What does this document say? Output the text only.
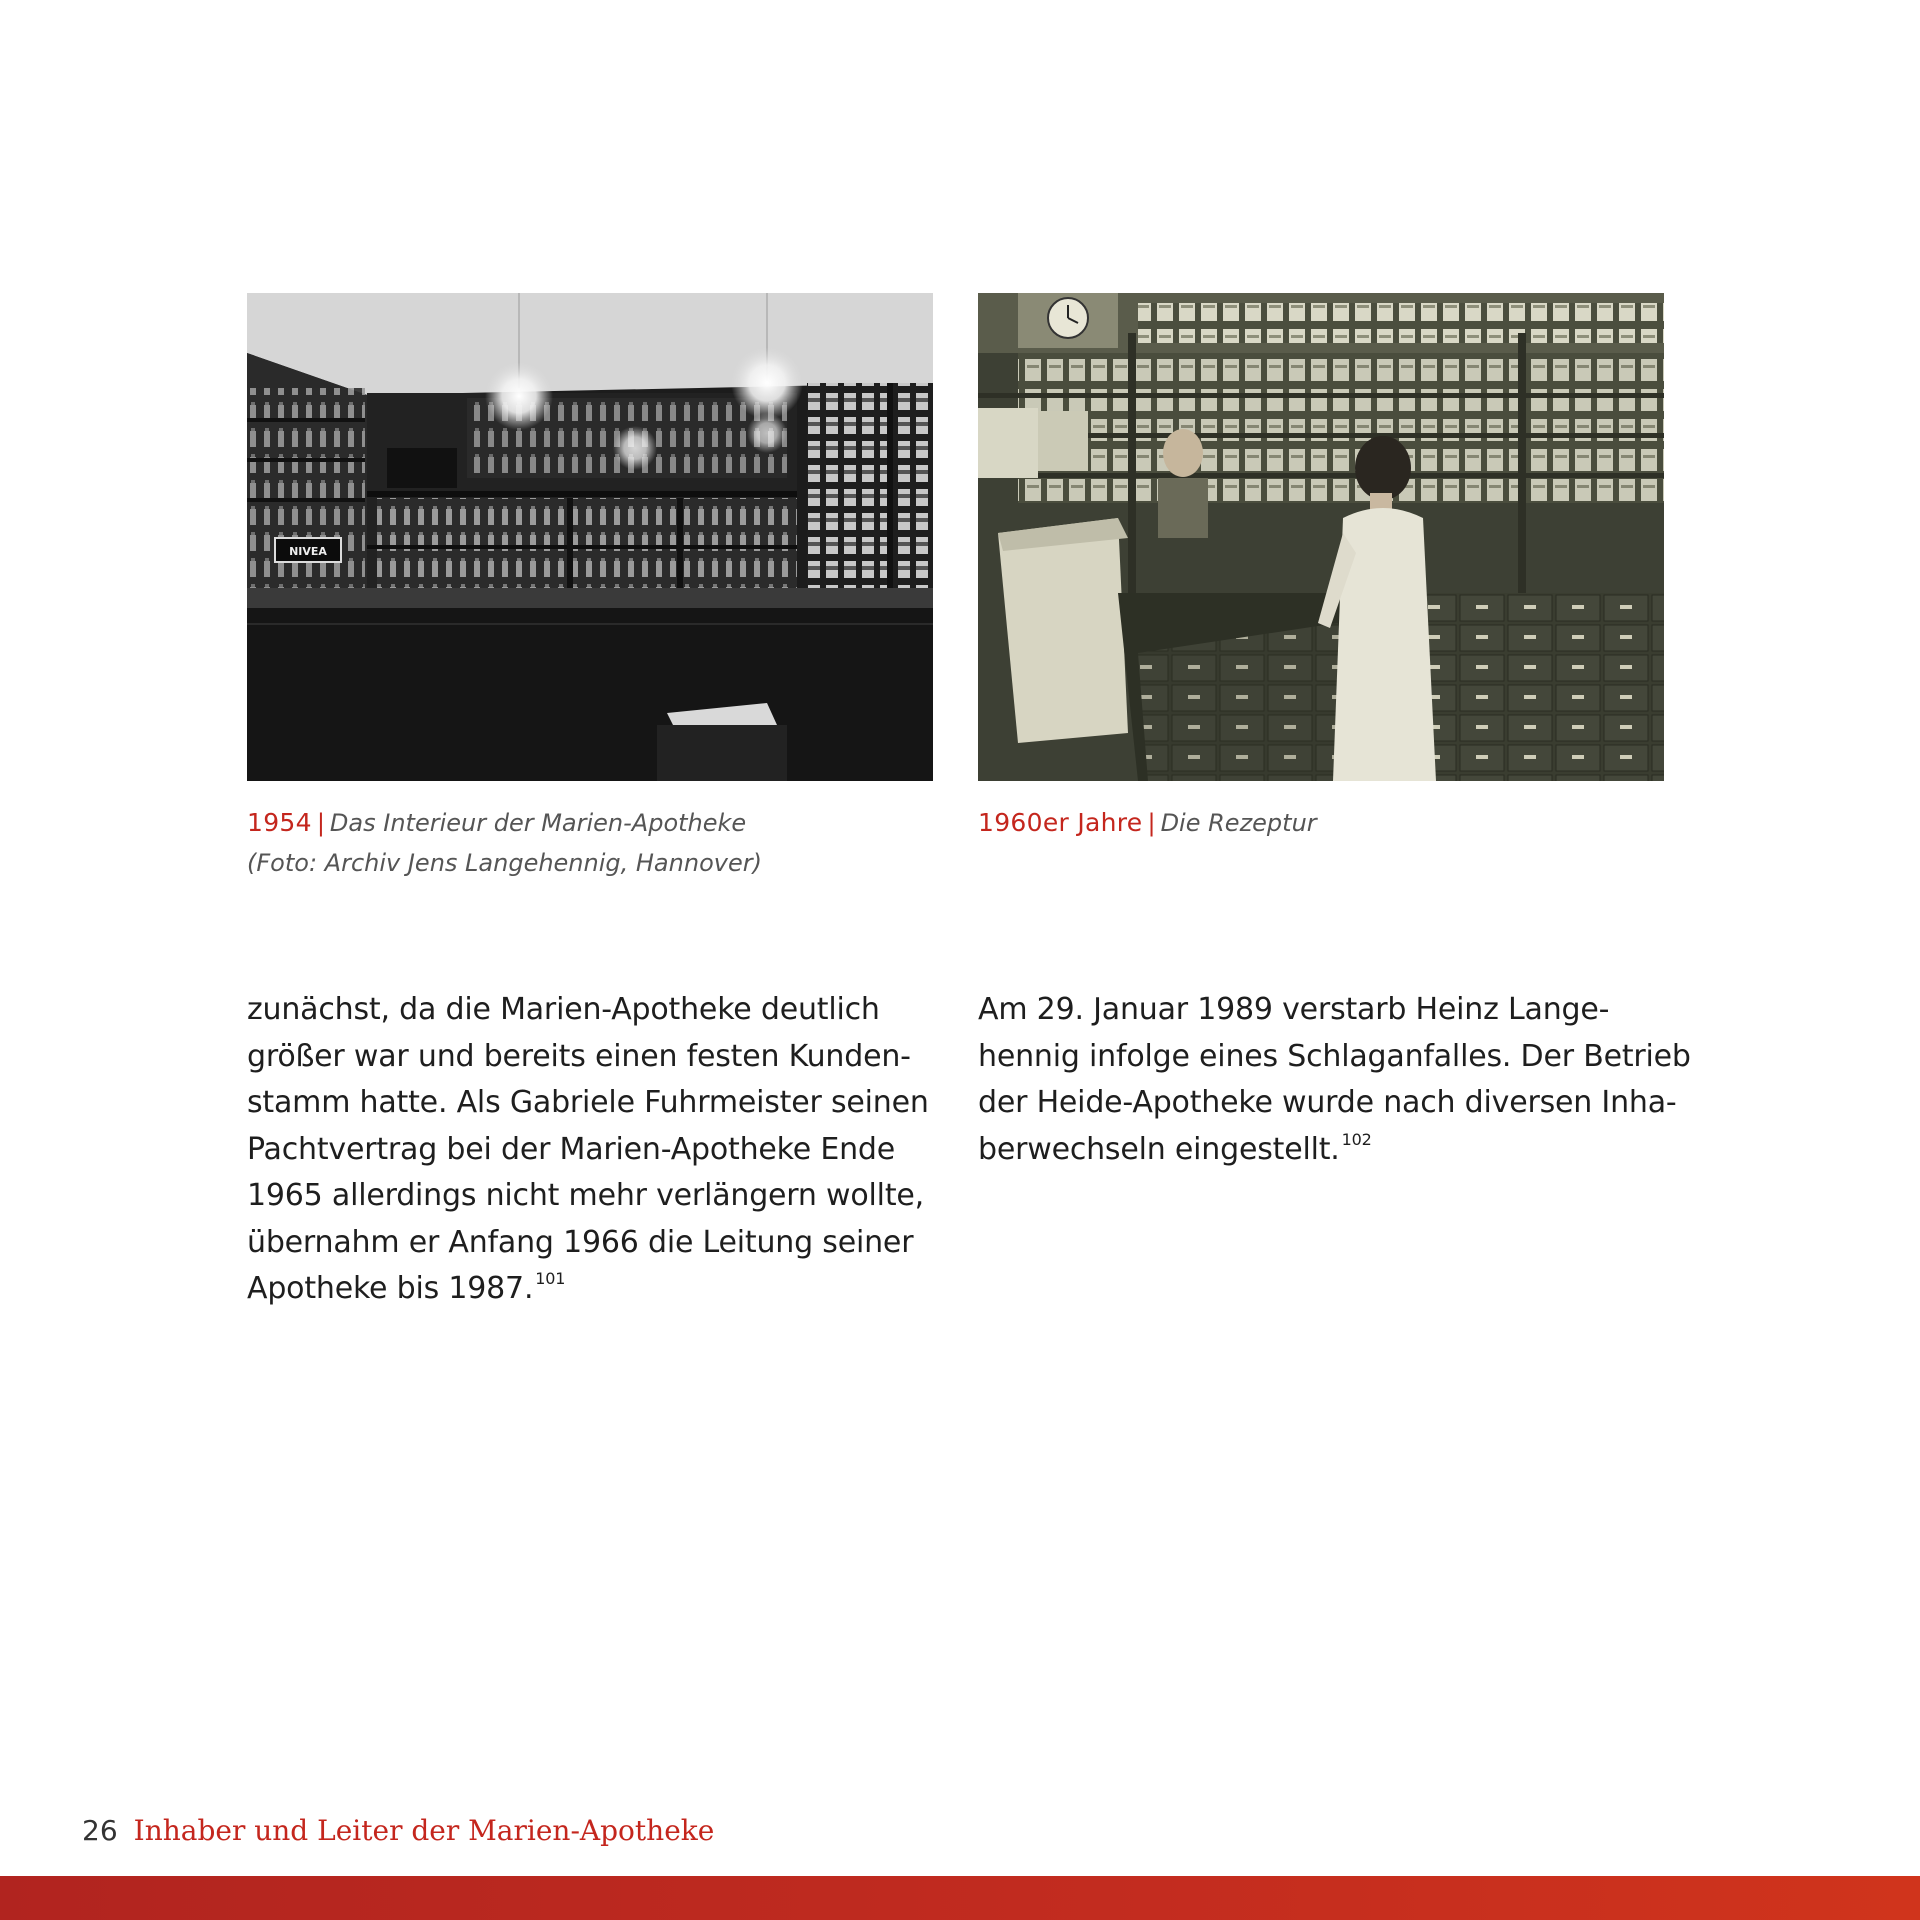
NIVEA
1954 | Das Interieur der Marien-Apotheke
(Foto: Archiv Jens Langehennig, Hannover)
1960er Jahre | Die Rezeptur
zunächst, da die Marien-Apotheke deutlich
größer war und bereits einen festen Kunden-
stamm hatte. Als Gabriele Fuhrmeister seinen
Pachtvertrag bei der Marien-Apotheke Ende
1965 allerdings nicht mehr verlängern wollte,
übernahm er Anfang 1966 die Leitung seiner
Apotheke bis 1987. $^{101}$
Am 29. Januar 1989 verstarb Heinz Lange-
hennig infolge eines Schlaganfalles. Der Betrieb
der Heide-Apotheke wurde nach diversen Inha-
berwechseln eingestellt. $^{102}$
26 Inhaber und Leiter der Marien-Apotheke
